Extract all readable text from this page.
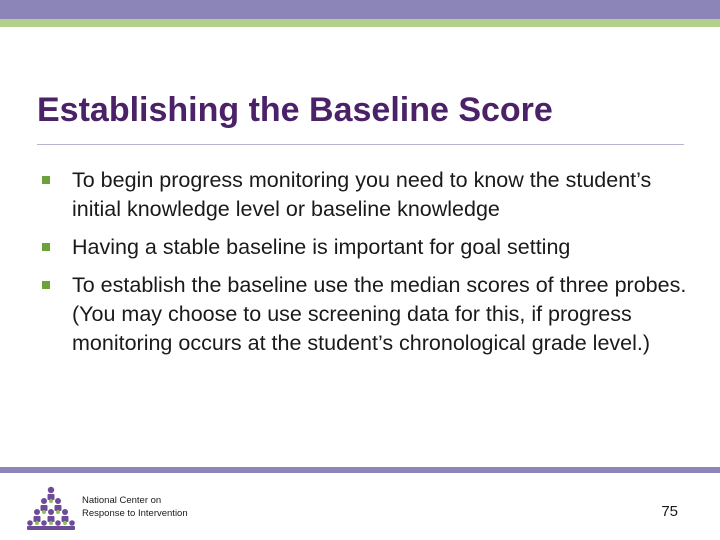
Establishing the Baseline Score
To begin progress monitoring you need to know the student’s initial knowledge level or baseline knowledge
Having a stable baseline is important for goal setting
To establish the baseline use the median scores of three probes. (You may choose to use screening data for this, if progress monitoring occurs at the student’s chronological grade level.)
National Center on
Response to Intervention	75
